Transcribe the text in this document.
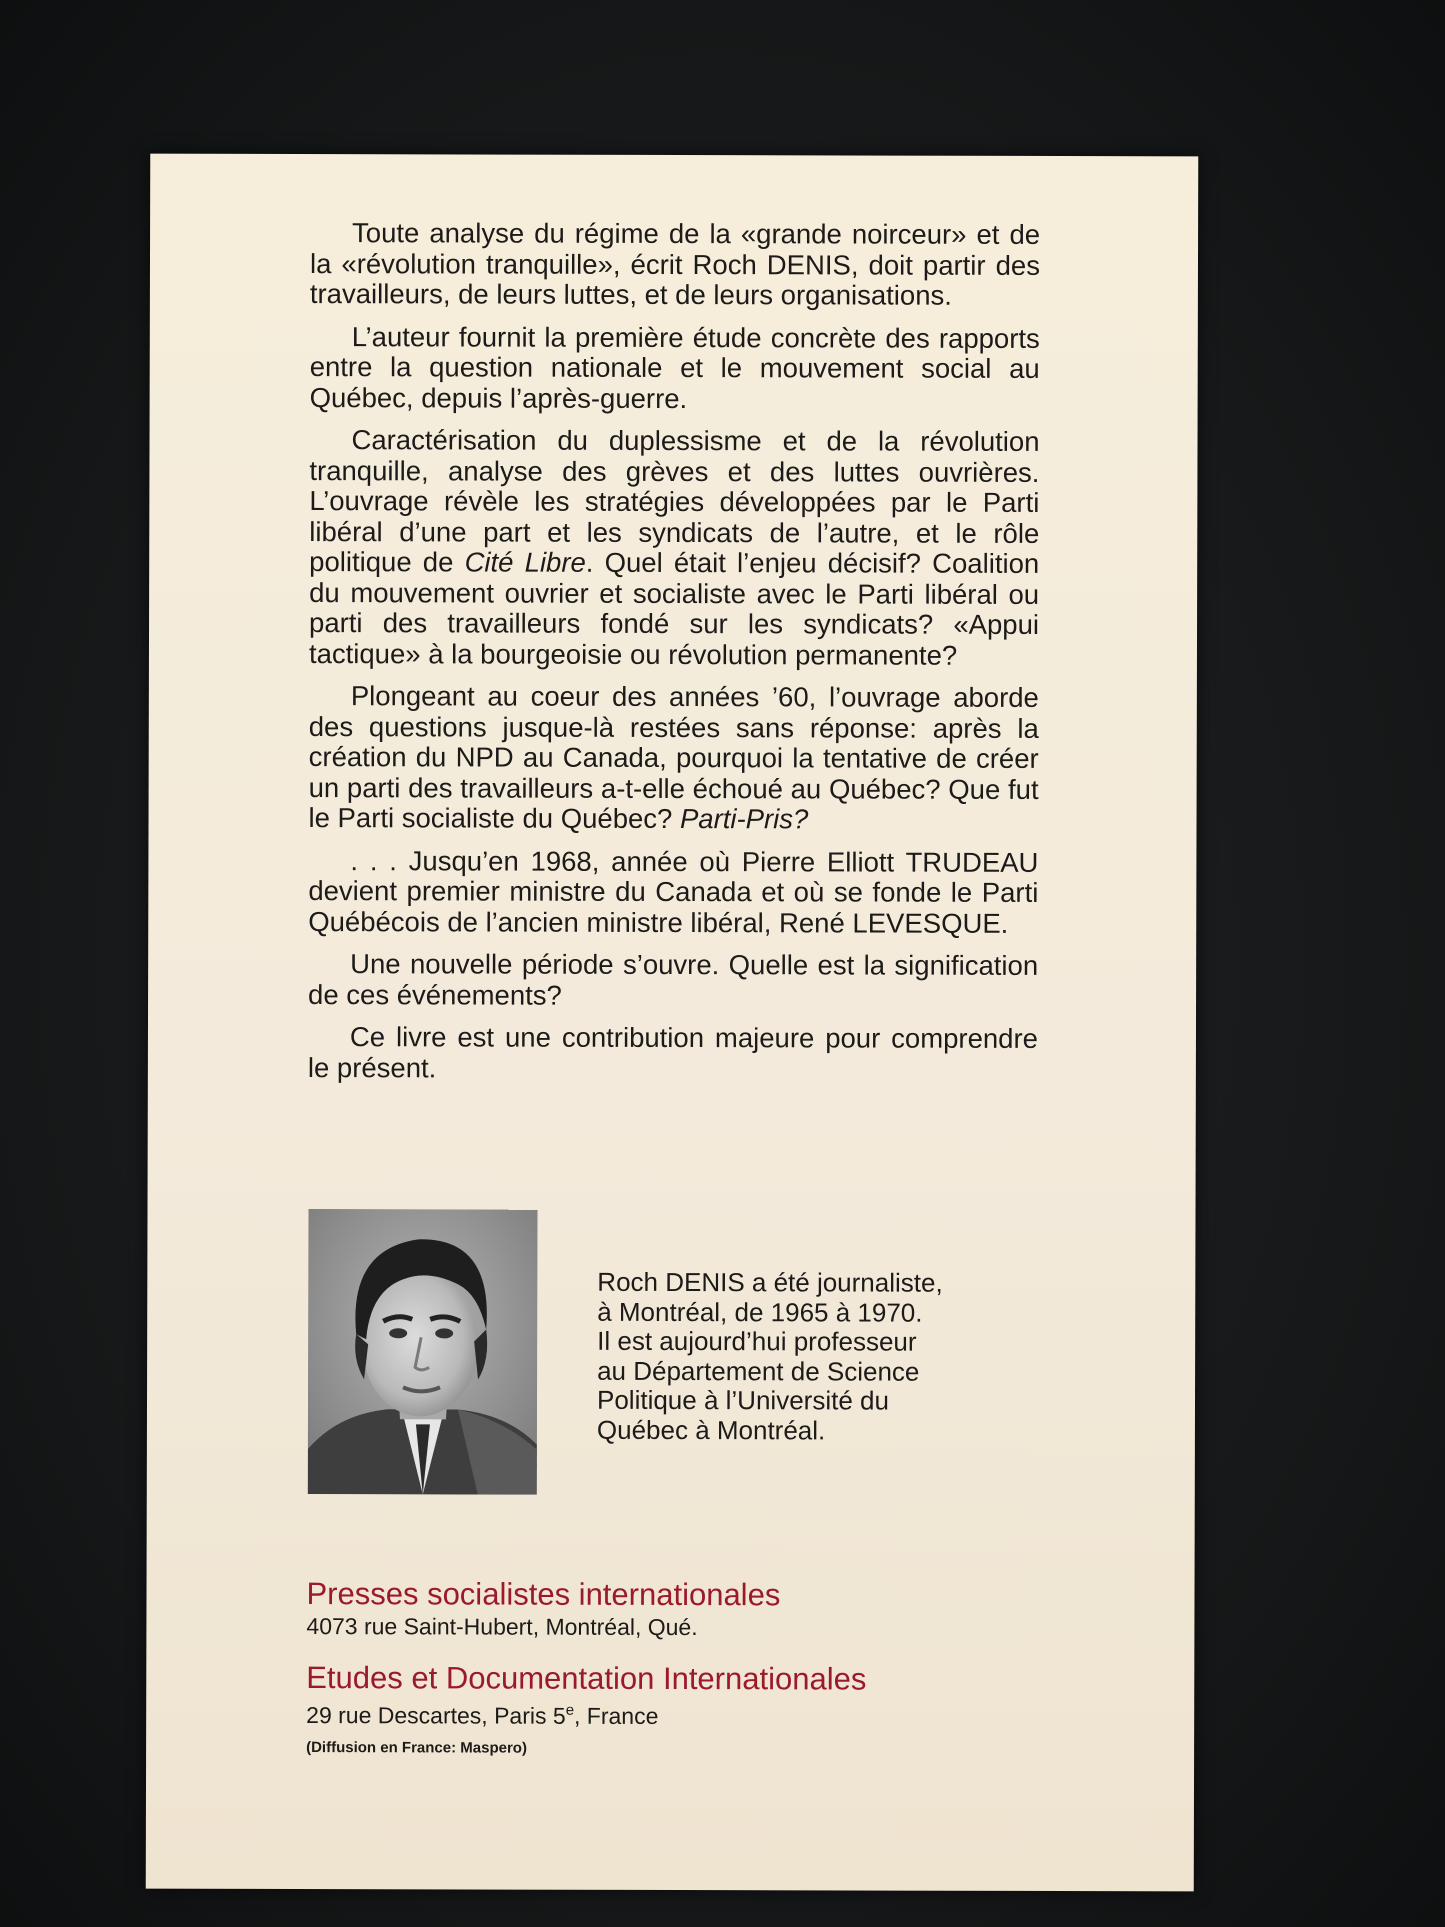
Toute analyse du régime de la «grande noirceur» et de la «révolution tranquille», écrit Roch DENIS, doit partir des travailleurs, de leurs luttes, et de leurs organisations.

L’auteur fournit la première étude concrète des rapports entre la question nationale et le mouvement social au Québec, depuis l’après-guerre.

Caractérisation du duplessisme et de la révolution tranquille, analyse des grèves et des luttes ouvrières. L’ouvrage révèle les stratégies développées par le Parti libéral d’une part et les syndicats de l’autre, et le rôle politique de Cité Libre. Quel était l’enjeu décisif? Coalition du mouvement ouvrier et socialiste avec le Parti libéral ou parti des travailleurs fondé sur les syndicats? «Appui tactique» à la bourgeoisie ou révolution permanente?

Plongeant au coeur des années ’60, l’ouvrage aborde des questions jusque-là restées sans réponse: après la création du NPD au Canada, pourquoi la tentative de créer un parti des travailleurs a-t-elle échoué au Québec? Que fut le Parti socialiste du Québec? Parti-Pris?

. . . Jusqu’en 1968, année où Pierre Elliott TRUDEAU devient premier ministre du Canada et où se fonde le Parti Québécois de l’ancien ministre libéral, René LEVESQUE.

Une nouvelle période s’ouvre. Quelle est la signification de ces événements?

Ce livre est une contribution majeure pour comprendre le présent.

Roch DENIS a été journaliste,
à Montréal, de 1965 à 1970.
Il est aujourd’hui professeur
au Département de Science
Politique à l’Université du
Québec à Montréal.
Presses socialistes internationales
4073 rue Saint-Hubert, Montréal, Qué.
Etudes et Documentation Internationales
29 rue Descartes, Paris 5e, France
(Diffusion en France: Maspero)
